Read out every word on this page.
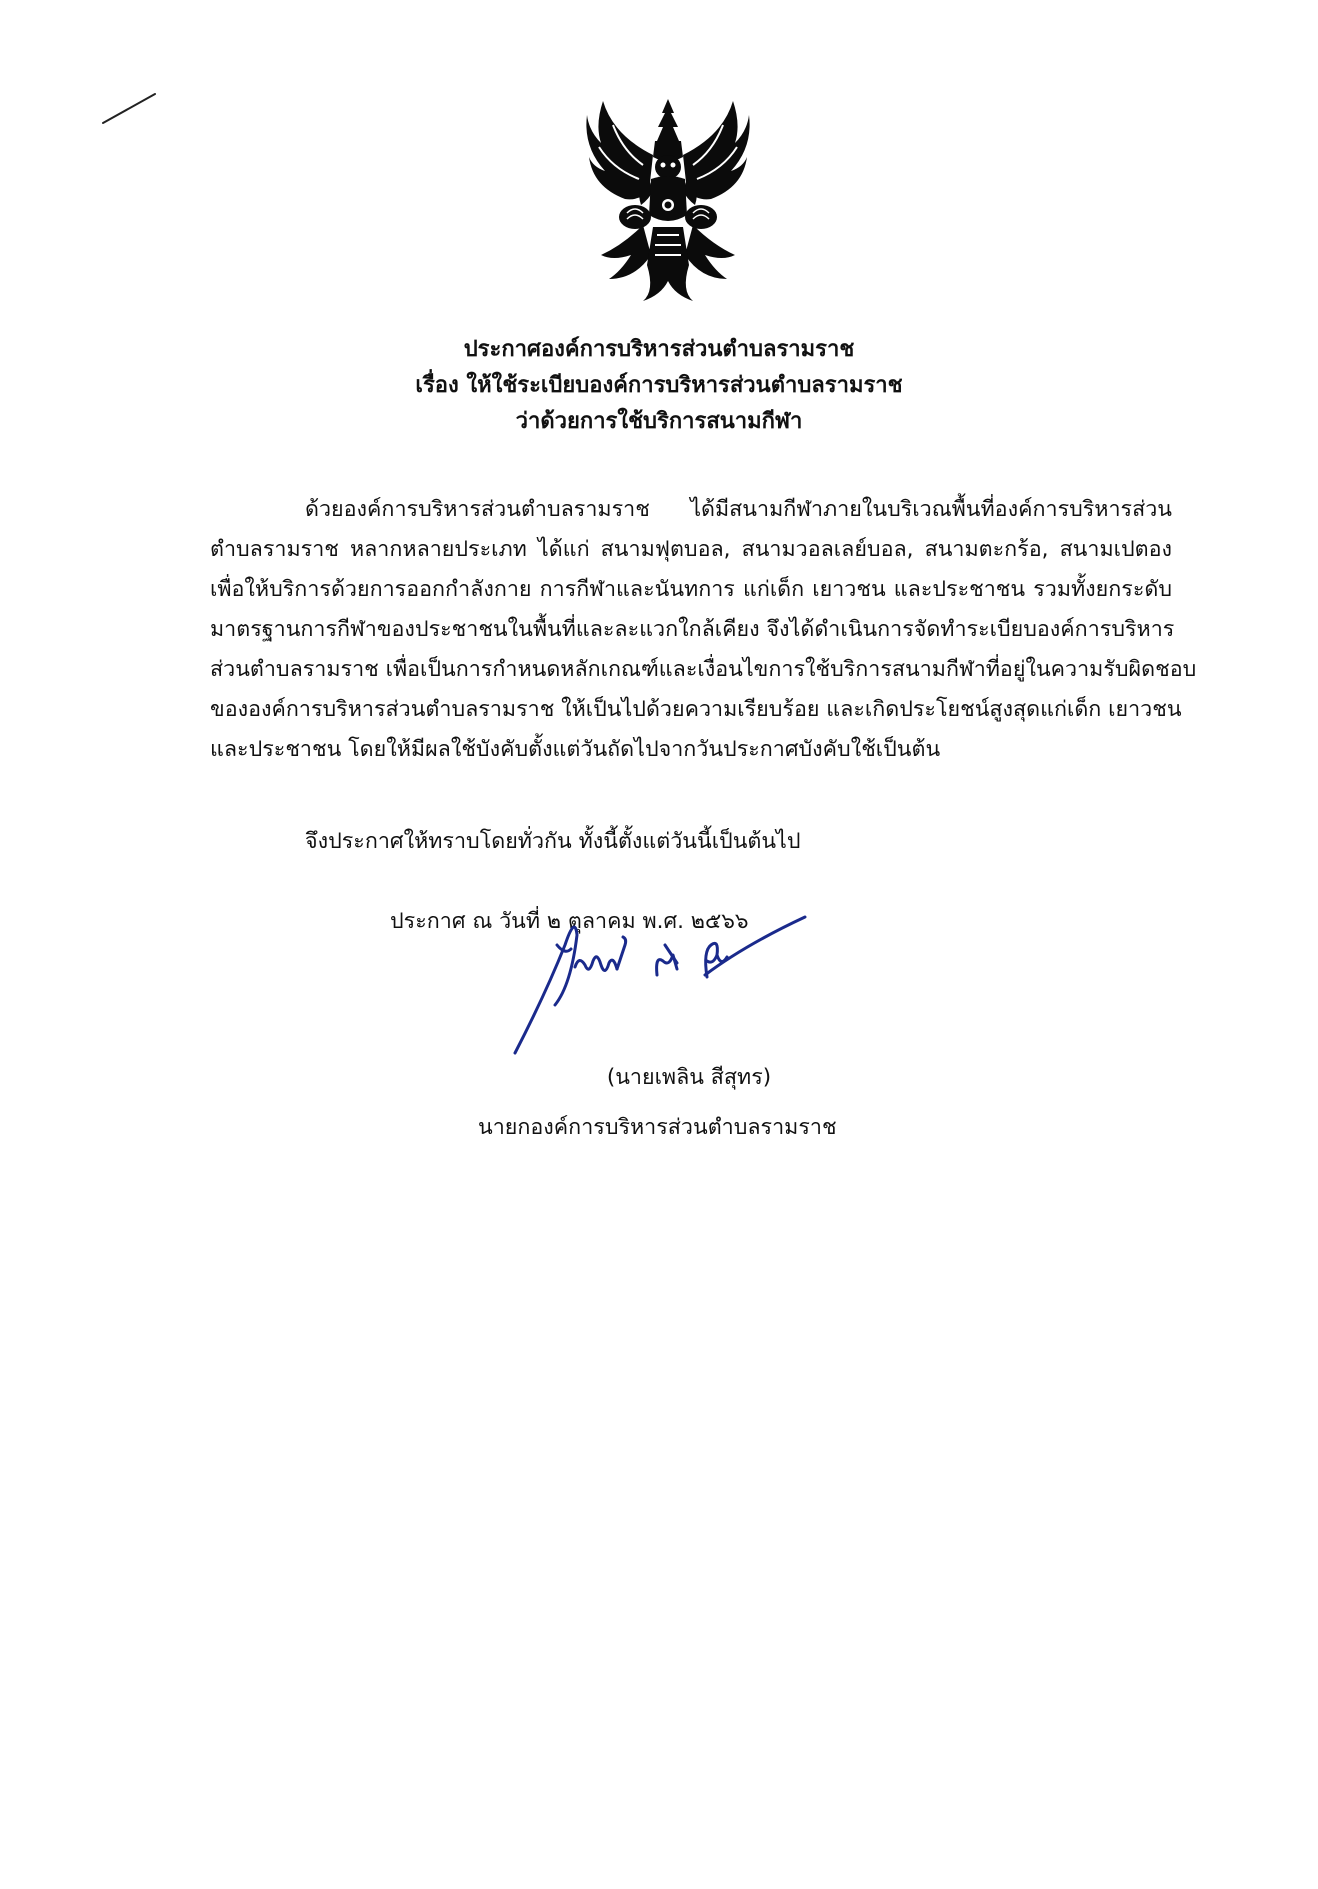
ประกาศองค์การบริหารส่วนตำบลรามราช
เรื่อง ให้ใช้ระเบียบองค์การบริหารส่วนตำบลรามราช
ว่าด้วยการใช้บริการสนามกีฬา
ด้วยองค์การบริหารส่วนตำบลรามราช ได้มีสนามกีฬาภายในบริเวณพื้นที่องค์การบริหารส่วน
ตำบลรามราช หลากหลายประเภท ได้แก่ สนามฟุตบอล, สนามวอลเลย์บอล, สนามตะกร้อ, สนามเปตอง
เพื่อให้บริการด้วยการออกกำลังกาย การกีฬาและนันทการ แก่เด็ก เยาวชน และประชาชน รวมทั้งยกระดับ
มาตรฐานการกีฬาของประชาชนในพื้นที่และละแวกใกล้เคียง จึงได้ดำเนินการจัดทำระเบียบองค์การบริหาร
ส่วนตำบลรามราช เพื่อเป็นการกำหนดหลักเกณฑ์และเงื่อนไขการใช้บริการสนามกีฬาที่อยู่ในความรับผิดชอบ
ขององค์การบริหารส่วนตำบลรามราช ให้เป็นไปด้วยความเรียบร้อย และเกิดประโยชน์สูงสุดแก่เด็ก เยาวชน
และประชาชน โดยให้มีผลใช้บังคับตั้งแต่วันถัดไปจากวันประกาศบังคับใช้เป็นต้น
จึงประกาศให้ทราบโดยทั่วกัน ทั้งนี้ตั้งแต่วันนี้เป็นต้นไป
ประกาศ ณ วันที่ ๒ ตุลาคม พ.ศ. ๒๕๖๖
(นายเพลิน สีสุทร)
นายกองค์การบริหารส่วนตำบลรามราช
